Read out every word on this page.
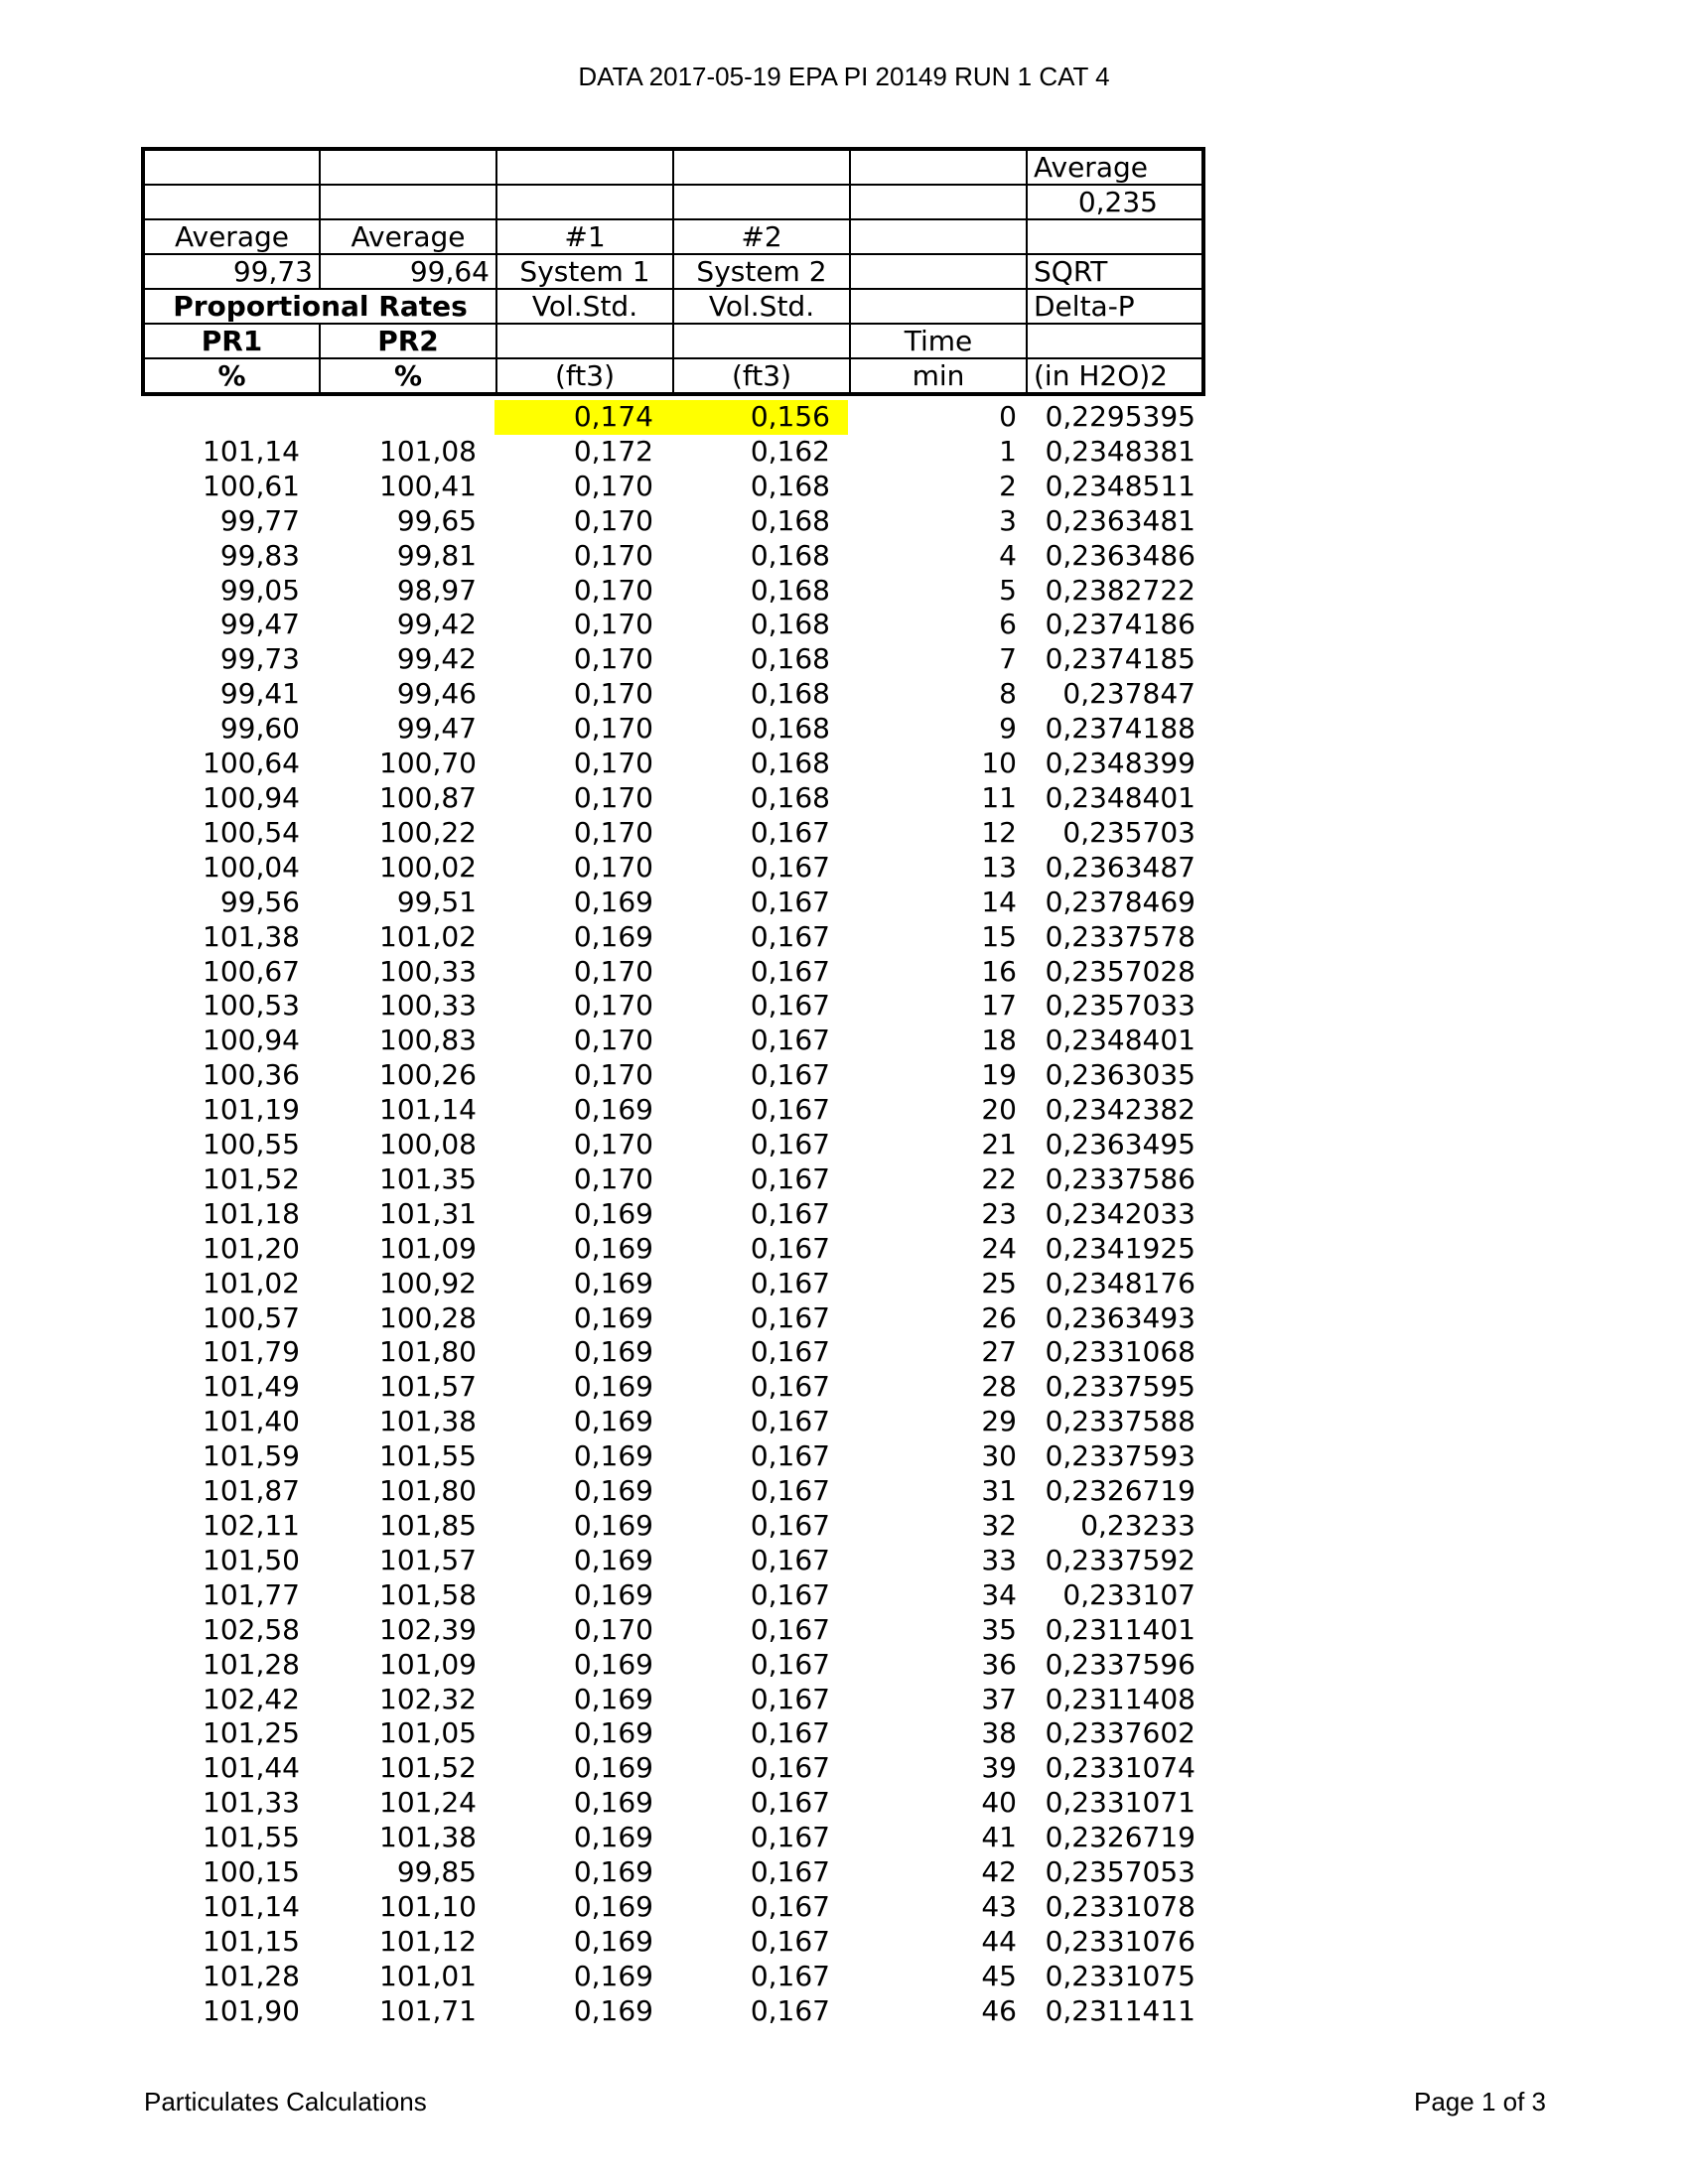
DATA 2017-05-19 EPA PI 20149 RUN 1 CAT 4
					Average
					0,235
Average	Average	#1	#2		
99,73	99,64	System 1	System 2		SQRT
Proportional Rates		Vol.Std.	Vol.Std.		Delta-P
PR1	PR2			Time	
%	%	(ft3)	(ft3)	min	(in H2O)2
		0,174	0,156	0	0,2295395
101,14	101,08	0,172	0,162	1	0,2348381
100,61	100,41	0,170	0,168	2	0,2348511
99,77	99,65	0,170	0,168	3	0,2363481
99,83	99,81	0,170	0,168	4	0,2363486
99,05	98,97	0,170	0,168	5	0,2382722
99,47	99,42	0,170	0,168	6	0,2374186
99,73	99,42	0,170	0,168	7	0,2374185
99,41	99,46	0,170	0,168	8	0,237847
99,60	99,47	0,170	0,168	9	0,2374188
100,64	100,70	0,170	0,168	10	0,2348399
100,94	100,87	0,170	0,168	11	0,2348401
100,54	100,22	0,170	0,167	12	0,235703
100,04	100,02	0,170	0,167	13	0,2363487
99,56	99,51	0,169	0,167	14	0,2378469
101,38	101,02	0,169	0,167	15	0,2337578
100,67	100,33	0,170	0,167	16	0,2357028
100,53	100,33	0,170	0,167	17	0,2357033
100,94	100,83	0,170	0,167	18	0,2348401
100,36	100,26	0,170	0,167	19	0,2363035
101,19	101,14	0,169	0,167	20	0,2342382
100,55	100,08	0,170	0,167	21	0,2363495
101,52	101,35	0,170	0,167	22	0,2337586
101,18	101,31	0,169	0,167	23	0,2342033
101,20	101,09	0,169	0,167	24	0,2341925
101,02	100,92	0,169	0,167	25	0,2348176
100,57	100,28	0,169	0,167	26	0,2363493
101,79	101,80	0,169	0,167	27	0,2331068
101,49	101,57	0,169	0,167	28	0,2337595
101,40	101,38	0,169	0,167	29	0,2337588
101,59	101,55	0,169	0,167	30	0,2337593
101,87	101,80	0,169	0,167	31	0,2326719
102,11	101,85	0,169	0,167	32	0,23233
101,50	101,57	0,169	0,167	33	0,2337592
101,77	101,58	0,169	0,167	34	0,233107
102,58	102,39	0,170	0,167	35	0,2311401
101,28	101,09	0,169	0,167	36	0,2337596
102,42	102,32	0,169	0,167	37	0,2311408
101,25	101,05	0,169	0,167	38	0,2337602
101,44	101,52	0,169	0,167	39	0,2331074
101,33	101,24	0,169	0,167	40	0,2331071
101,55	101,38	0,169	0,167	41	0,2326719
100,15	99,85	0,169	0,167	42	0,2357053
101,14	101,10	0,169	0,167	43	0,2331078
101,15	101,12	0,169	0,167	44	0,2331076
101,28	101,01	0,169	0,167	45	0,2331075
101,90	101,71	0,169	0,167	46	0,2311411
Particulates Calculations	Page 1 of 3
